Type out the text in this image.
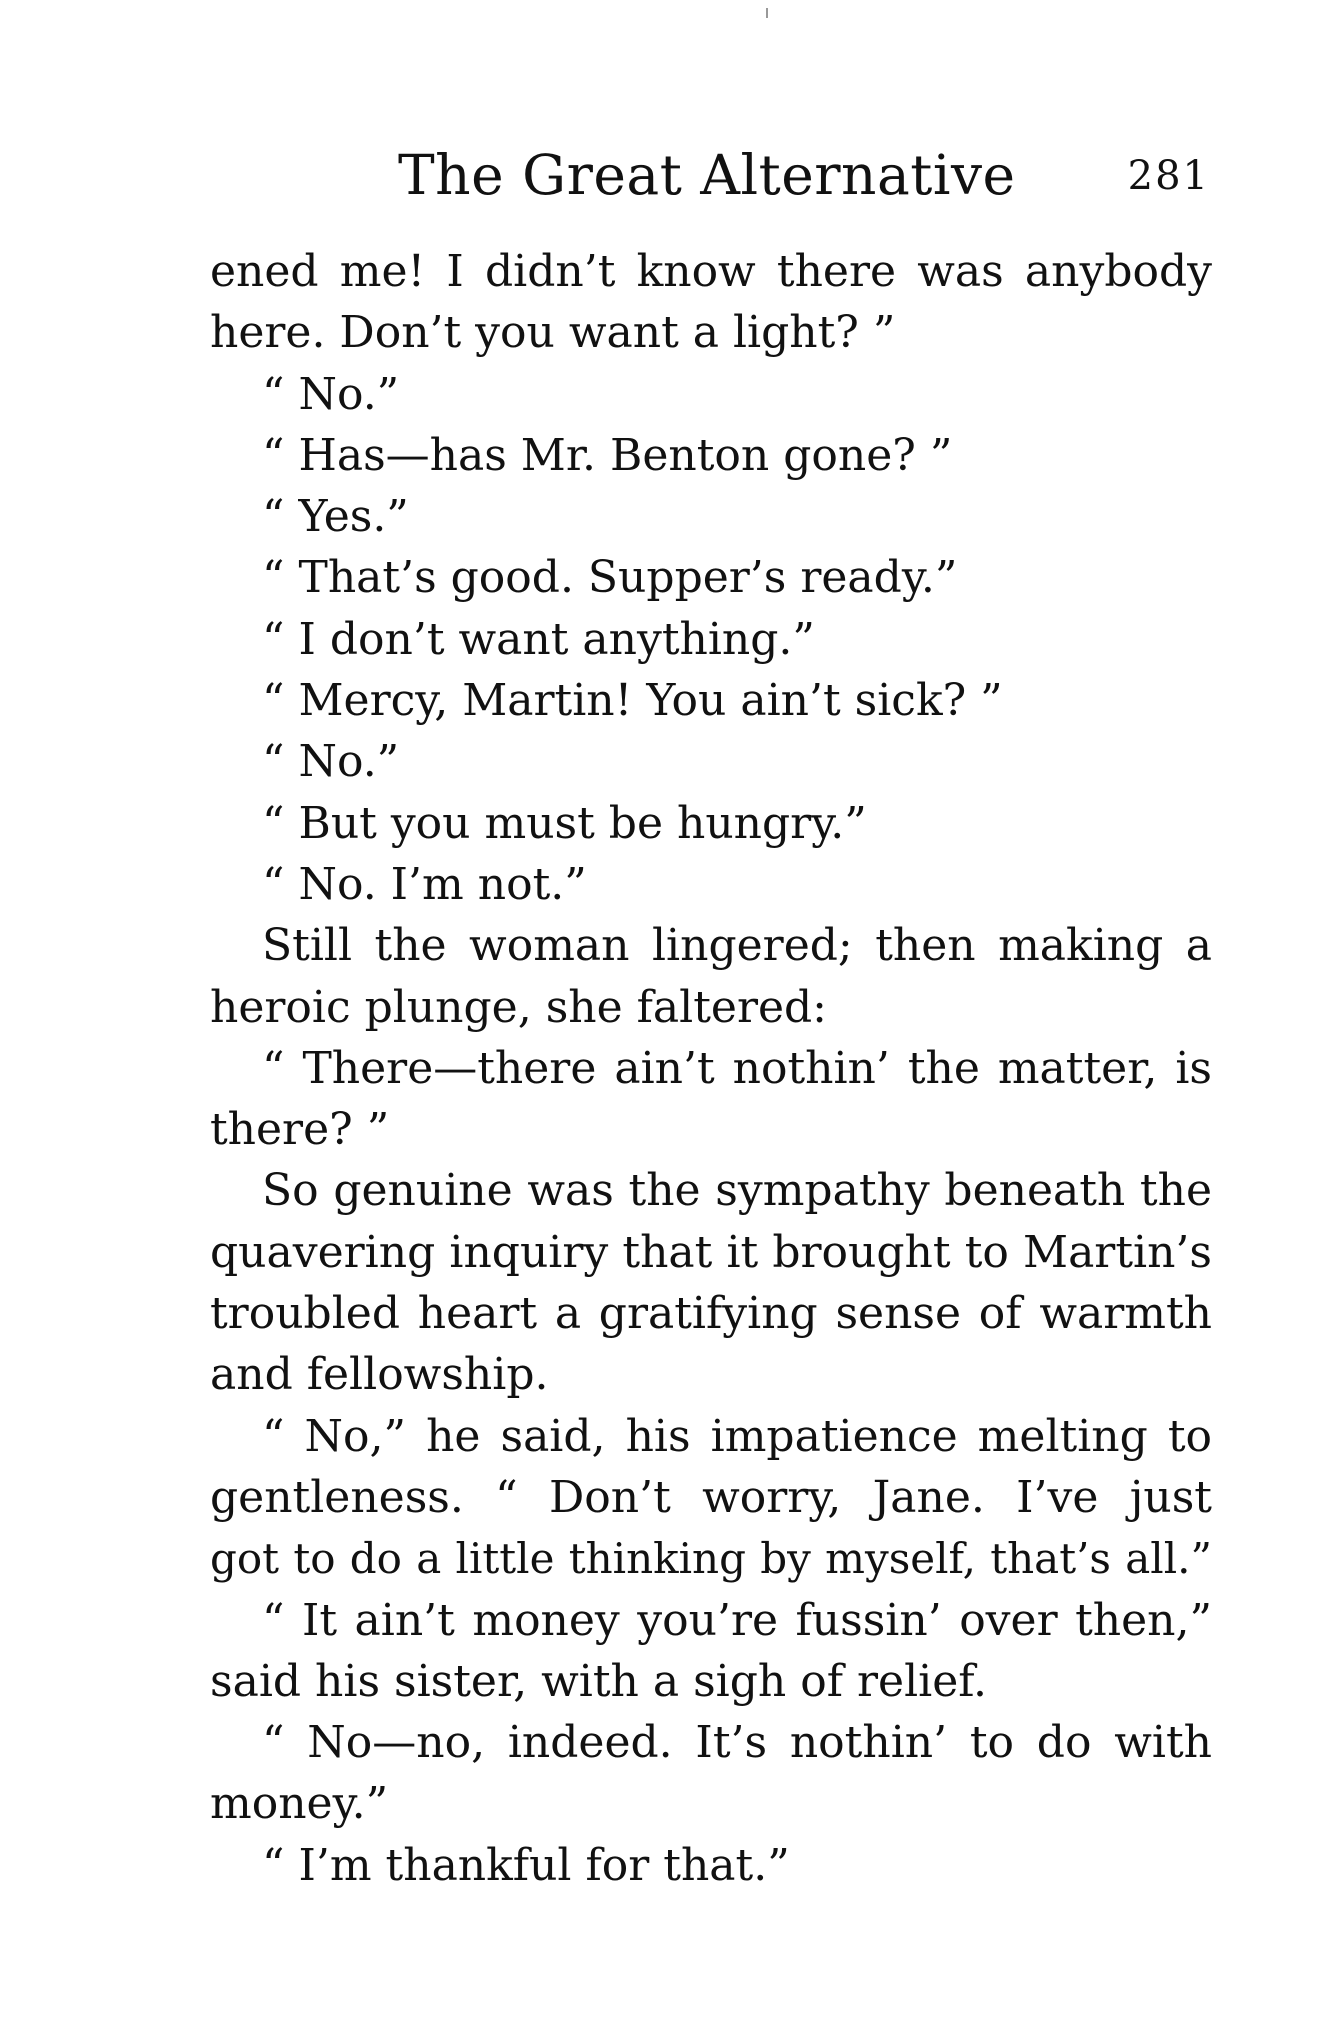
The Great Alternative	281
ened me! I didn’t know there was anybody
here. Don’t you want a light? ”
“ No.”
“ Has—has Mr. Benton gone? ”
“ Yes.”
“ That’s good. Supper’s ready.”
“ I don’t want anything.”
“ Mercy, Martin! You ain’t sick? ”
“ No.”
“ But you must be hungry.”
“ No. I’m not.”
Still the woman lingered; then making a
heroic plunge, she faltered:
“ There—there ain’t nothin’ the matter, is
there? ”
So genuine was the sympathy beneath the
quavering inquiry that it brought to Martin’s
troubled heart a gratifying sense of warmth
and fellowship.
“ No,” he said, his impatience melting to
gentleness. “ Don’t worry, Jane. I’ve just
got to do a little thinking by myself, that’s all.”
“ It ain’t money you’re fussin’ over then,”
said his sister, with a sigh of relief.
“ No—no, indeed. It’s nothin’ to do with
money.”
“ I’m thankful for that.”
